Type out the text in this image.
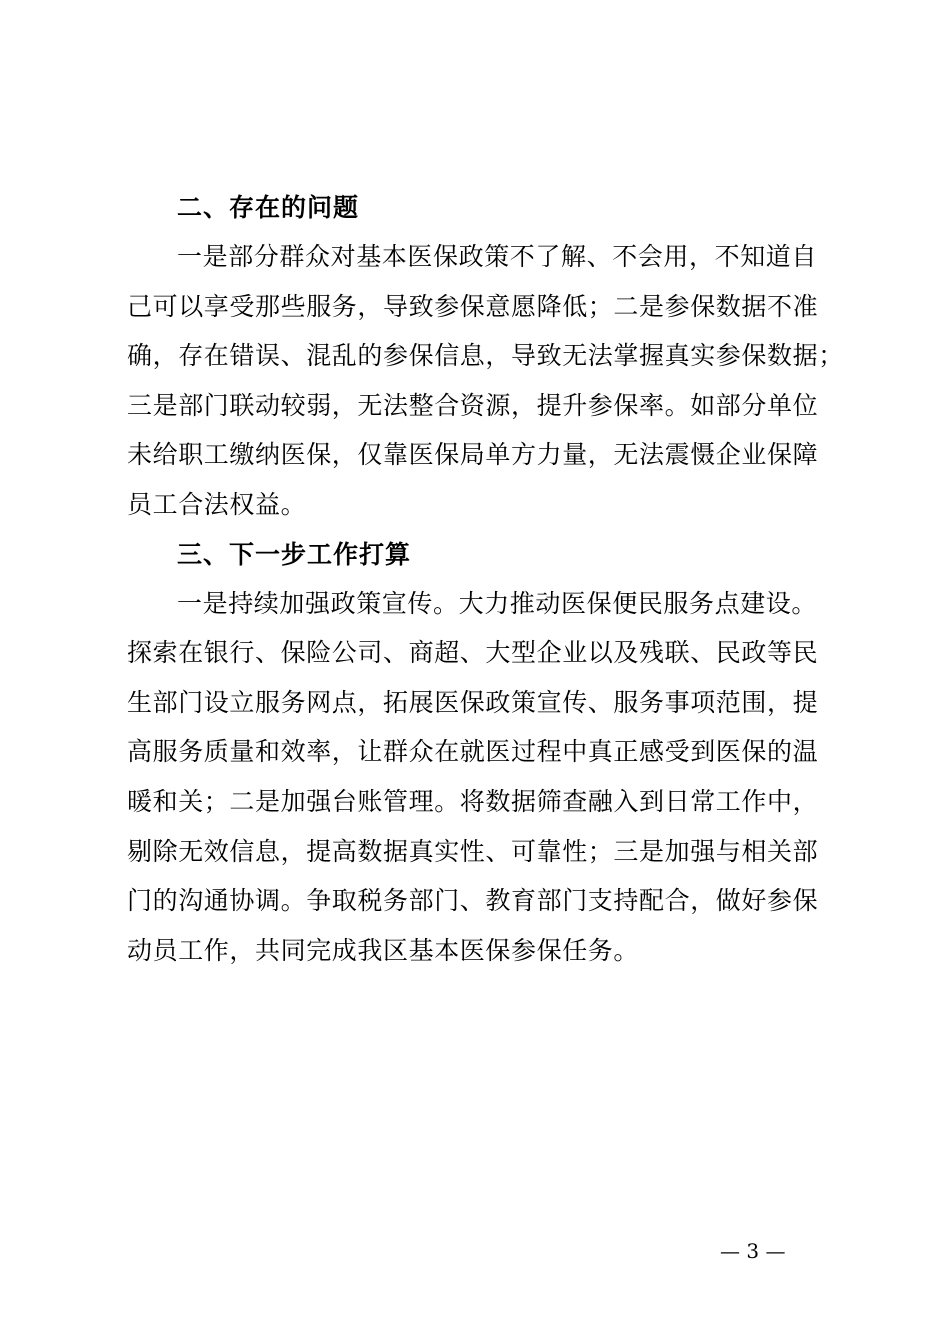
二、存在的问题

一是部分群众对基本医保政策不了解、不会用，不知道自
己可以享受那些服务，导致参保意愿降低；二是参保数据不准
确，存在错误、混乱的参保信息，导致无法掌握真实参保数据；
三是部门联动较弱，无法整合资源，提升参保率。如部分单位
未给职工缴纳医保，仅靠医保局单方力量，无法震慑企业保障
员工合法权益。

三、下一步工作打算

一是持续加强政策宣传。大力推动医保便民服务点建设。
探索在银行、保险公司、商超、大型企业以及残联、民政等民
生部门设立服务网点，拓展医保政策宣传、服务事项范围，提
高服务质量和效率，让群众在就医过程中真正感受到医保的温
暖和关；二是加强台账管理。将数据筛查融入到日常工作中，
剔除无效信息，提高数据真实性、可靠性；三是加强与相关部
门的沟通协调。争取税务部门、教育部门支持配合，做好参保
动员工作，共同完成我区基本医保参保任务。

— 3 —
